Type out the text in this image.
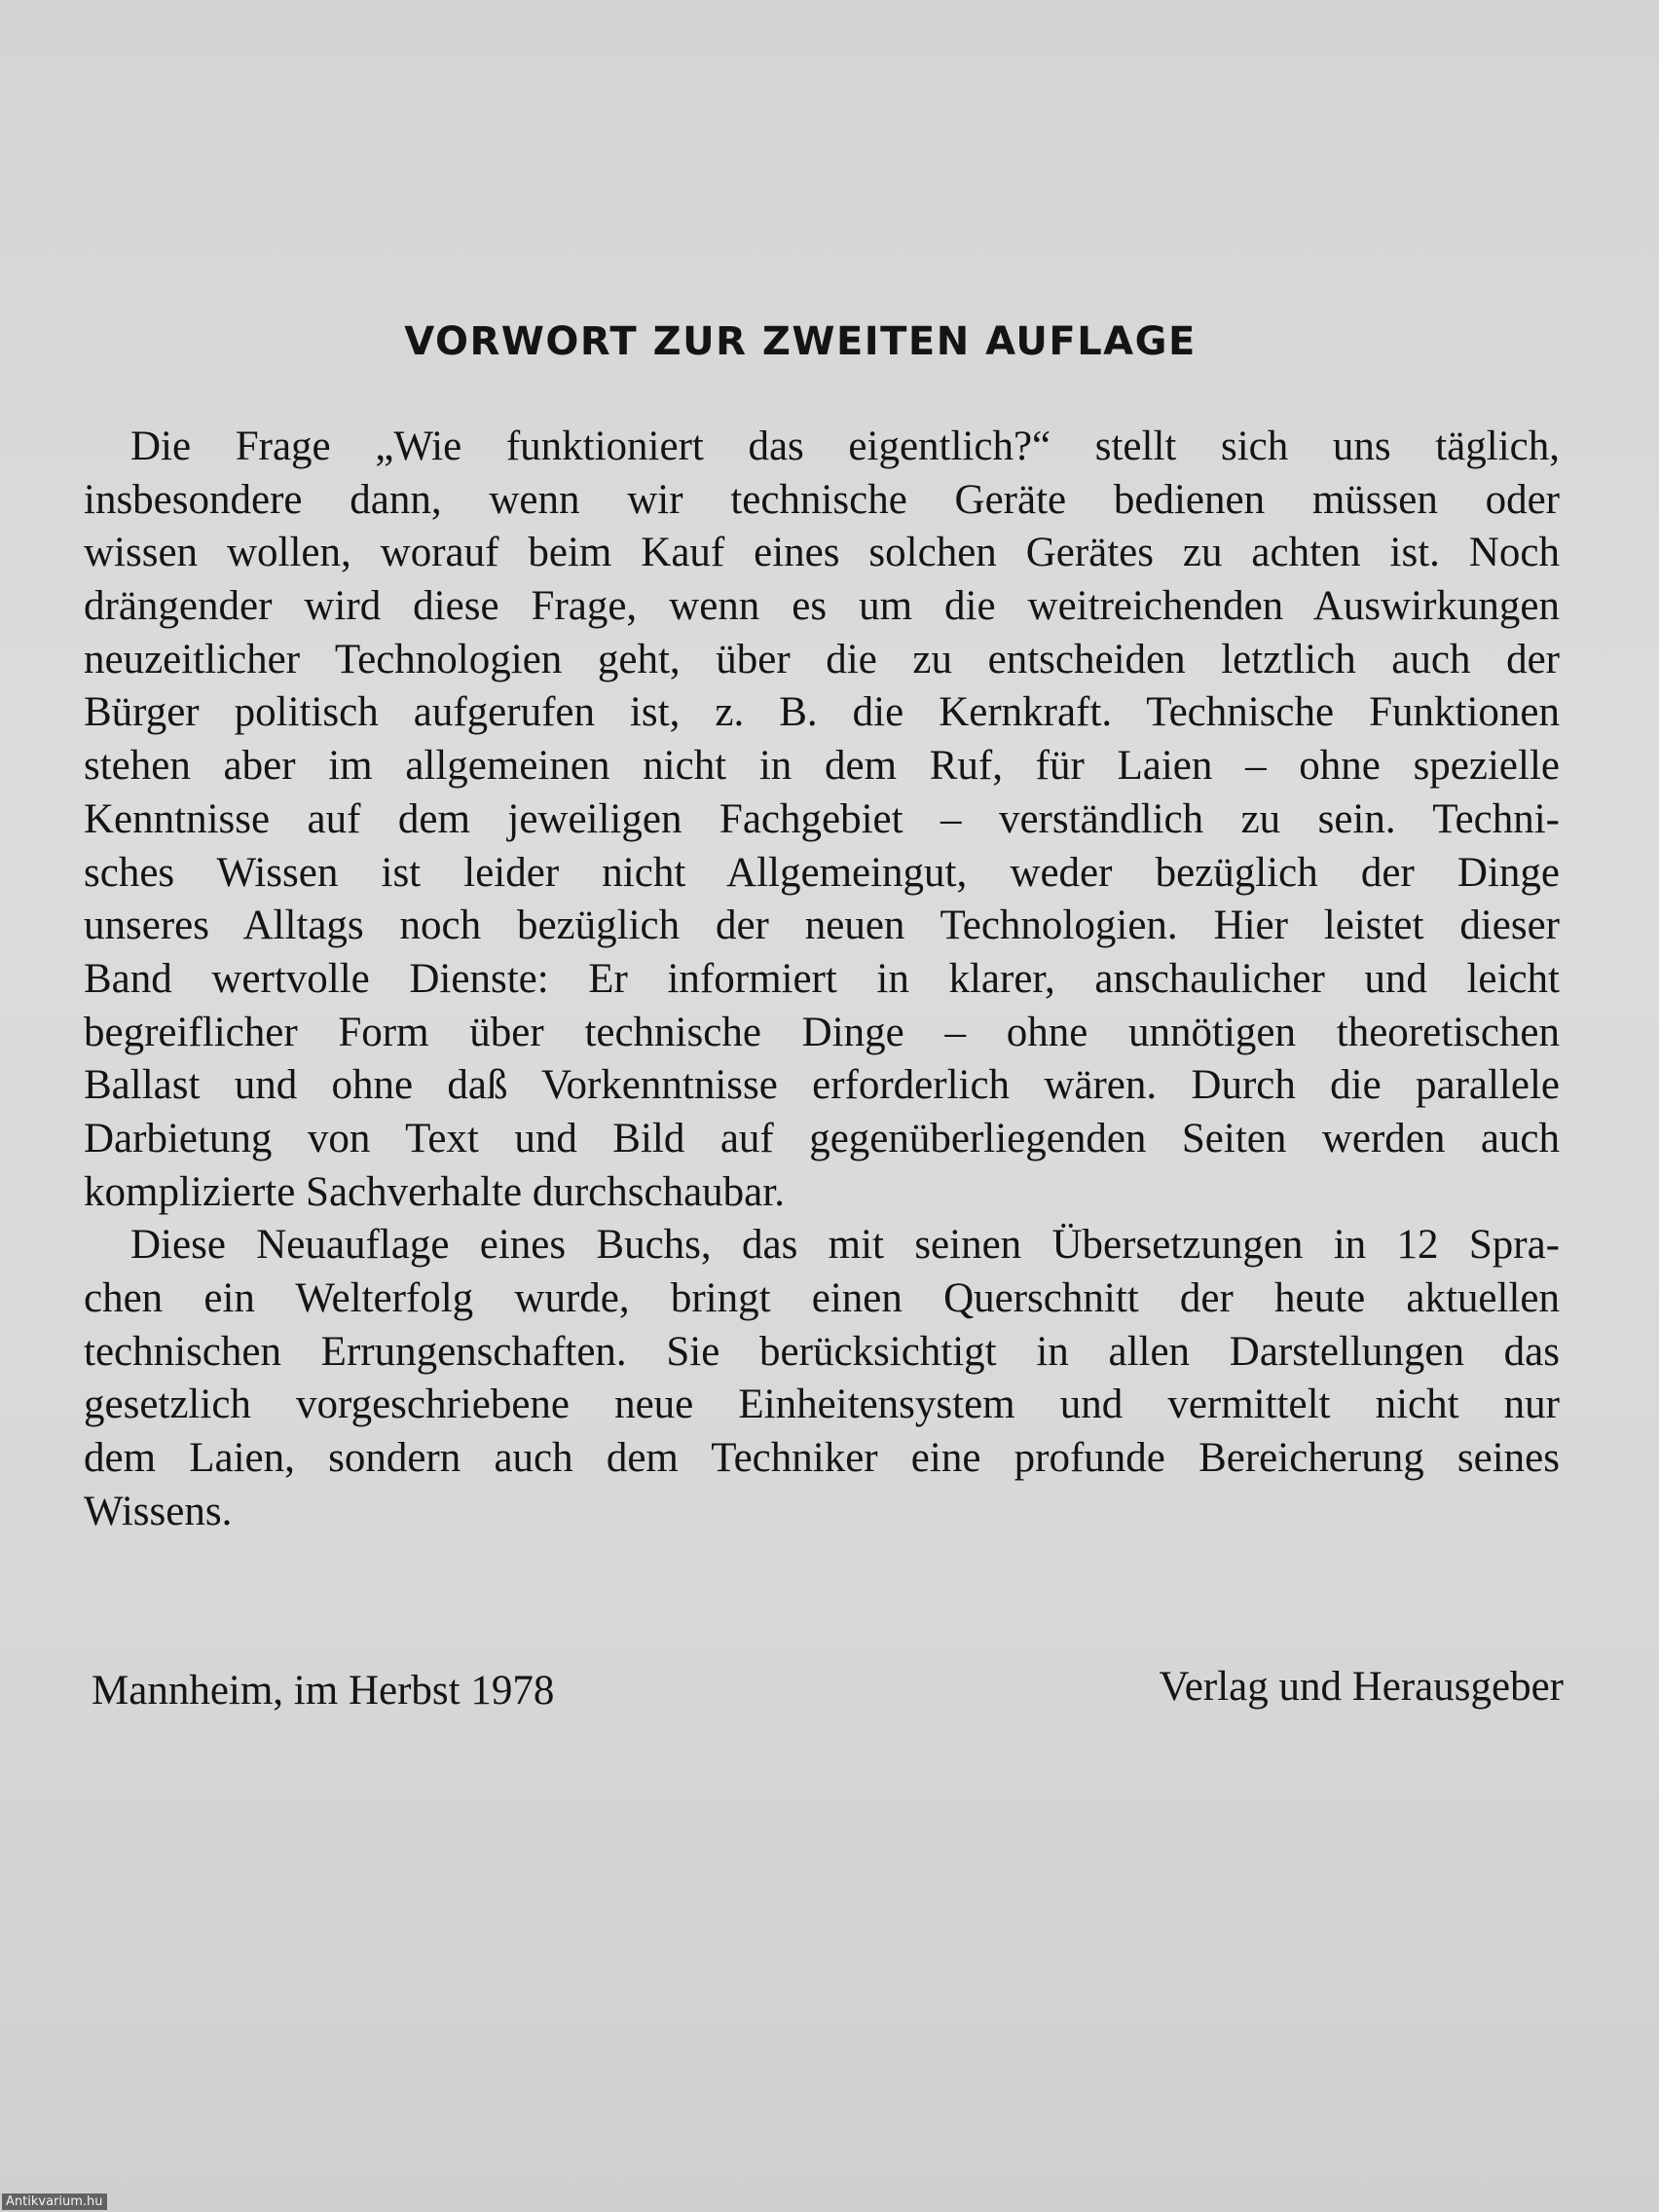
VORWORT ZUR ZWEITEN AUFLAGE
Die Frage „Wie funktioniert das eigentlich?“ stellt sich uns täglich,
insbesondere dann, wenn wir technische Geräte bedienen müssen oder
wissen wollen, worauf beim Kauf eines solchen Gerätes zu achten ist. Noch
drängender wird diese Frage, wenn es um die weitreichenden Auswirkungen
neuzeitlicher Technologien geht, über die zu entscheiden letztlich auch der
Bürger politisch aufgerufen ist, z. B. die Kernkraft. Technische Funktionen
stehen aber im allgemeinen nicht in dem Ruf, für Laien – ohne spezielle
Kenntnisse auf dem jeweiligen Fachgebiet – verständlich zu sein. Techni-
sches Wissen ist leider nicht Allgemeingut, weder bezüglich der Dinge
unseres Alltags noch bezüglich der neuen Technologien. Hier leistet dieser
Band wertvolle Dienste: Er informiert in klarer, anschaulicher und leicht
begreiflicher Form über technische Dinge – ohne unnötigen theoretischen
Ballast und ohne daß Vorkenntnisse erforderlich wären. Durch die parallele
Darbietung von Text und Bild auf gegenüberliegenden Seiten werden auch
komplizierte Sachverhalte durchschaubar.
Diese Neuauflage eines Buchs, das mit seinen Übersetzungen in 12 Spra-
chen ein Welterfolg wurde, bringt einen Querschnitt der heute aktuellen
technischen Errungenschaften. Sie berücksichtigt in allen Darstellungen das
gesetzlich vorgeschriebene neue Einheitensystem und vermittelt nicht nur
dem Laien, sondern auch dem Techniker eine profunde Bereicherung seines
Wissens.
Mannheim, im Herbst 1978	Verlag und Herausgeber
Antikvarium.hu
